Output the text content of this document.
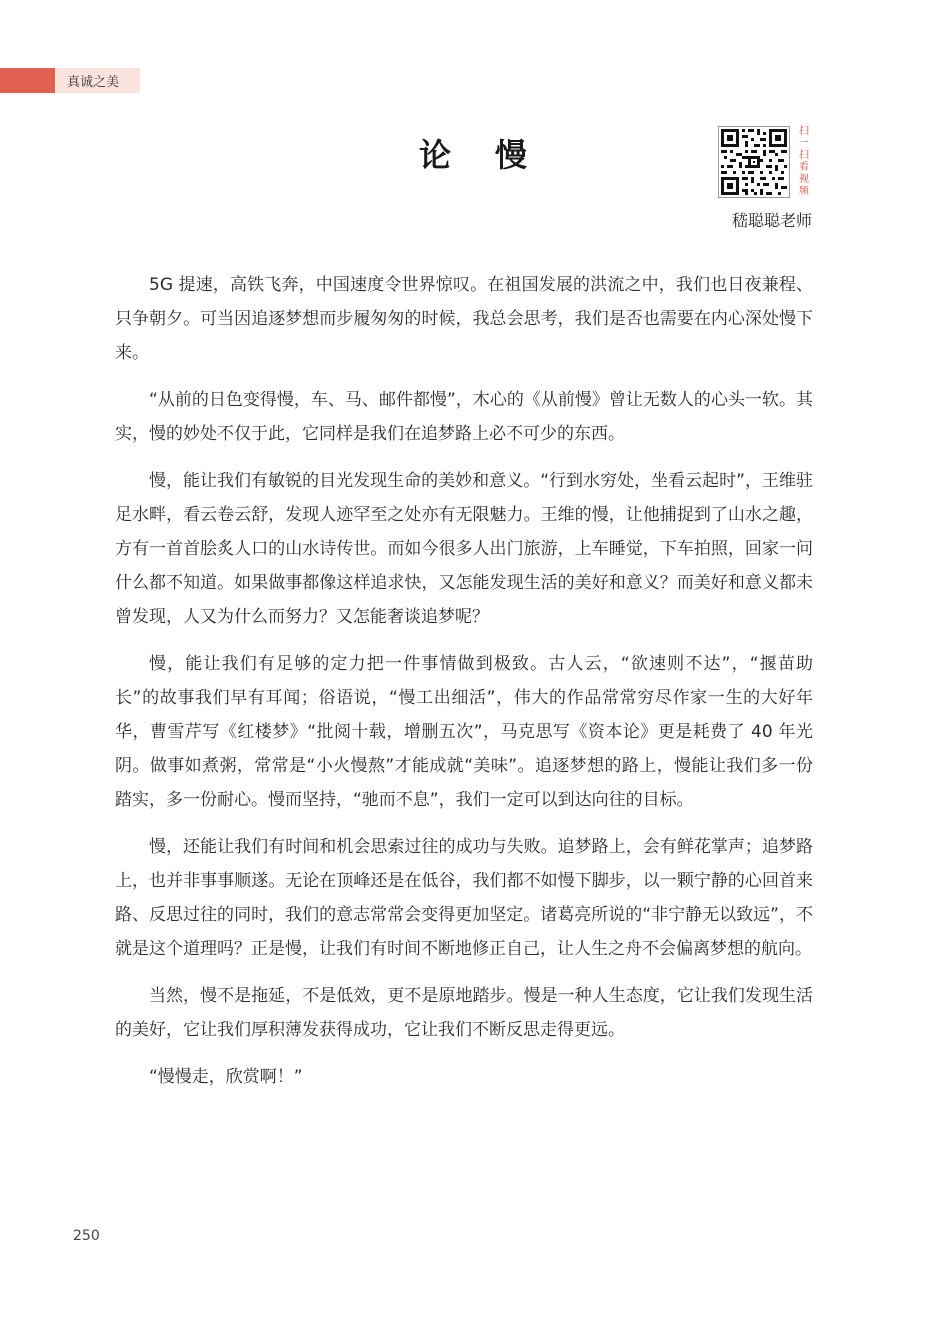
真诚之美
论慢
扫
一
扫
看
视
频
嵇聪聪老师

5G 提速，高铁飞奔，中国速度令世界惊叹。在祖国发展的洪流之中，我们也日夜兼程、只争朝夕。可当因追逐梦想而步履匆匆的时候，我总会思考，我们是否也需要在内心深处慢下来。

“从前的日色变得慢，车、马、邮件都慢”，木心的《从前慢》曾让无数人的心头一软。其实，慢的妙处不仅于此，它同样是我们在追梦路上必不可少的东西。

慢，能让我们有敏锐的目光发现生命的美妙和意义。“行到水穷处，坐看云起时”，王维驻足水畔，看云卷云舒，发现人迹罕至之处亦有无限魅力。王维的慢，让他捕捉到了山水之趣，方有一首首脍炙人口的山水诗传世。而如今很多人出门旅游，上车睡觉，下车拍照，回家一问什么都不知道。如果做事都像这样追求快，又怎能发现生活的美好和意义？而美好和意义都未曾发现，人又为什么而努力？又怎能奢谈追梦呢？

慢，能让我们有足够的定力把一件事情做到极致。古人云，“欲速则不达”，“揠苗助长”的故事我们早有耳闻；俗语说，“慢工出细活”，伟大的作品常常穷尽作家一生的大好年华，曹雪芹写《红楼梦》“批阅十载，增删五次”，马克思写《资本论》更是耗费了 40 年光阴。做事如煮粥，常常是“小火慢熬”才能成就“美味”。追逐梦想的路上，慢能让我们多一份踏实，多一份耐心。慢而坚持，“驰而不息”，我们一定可以到达向往的目标。

慢，还能让我们有时间和机会思索过往的成功与失败。追梦路上，会有鲜花掌声；追梦路上，也并非事事顺遂。无论在顶峰还是在低谷，我们都不如慢下脚步，以一颗宁静的心回首来路、反思过往的同时，我们的意志常常会变得更加坚定。诸葛亮所说的“非宁静无以致远”，不就是这个道理吗？正是慢，让我们有时间不断地修正自己，让人生之舟不会偏离梦想的航向。

当然，慢不是拖延，不是低效，更不是原地踏步。慢是一种人生态度，它让我们发现生活的美好，它让我们厚积薄发获得成功，它让我们不断反思走得更远。

“慢慢走，欣赏啊！”

250
